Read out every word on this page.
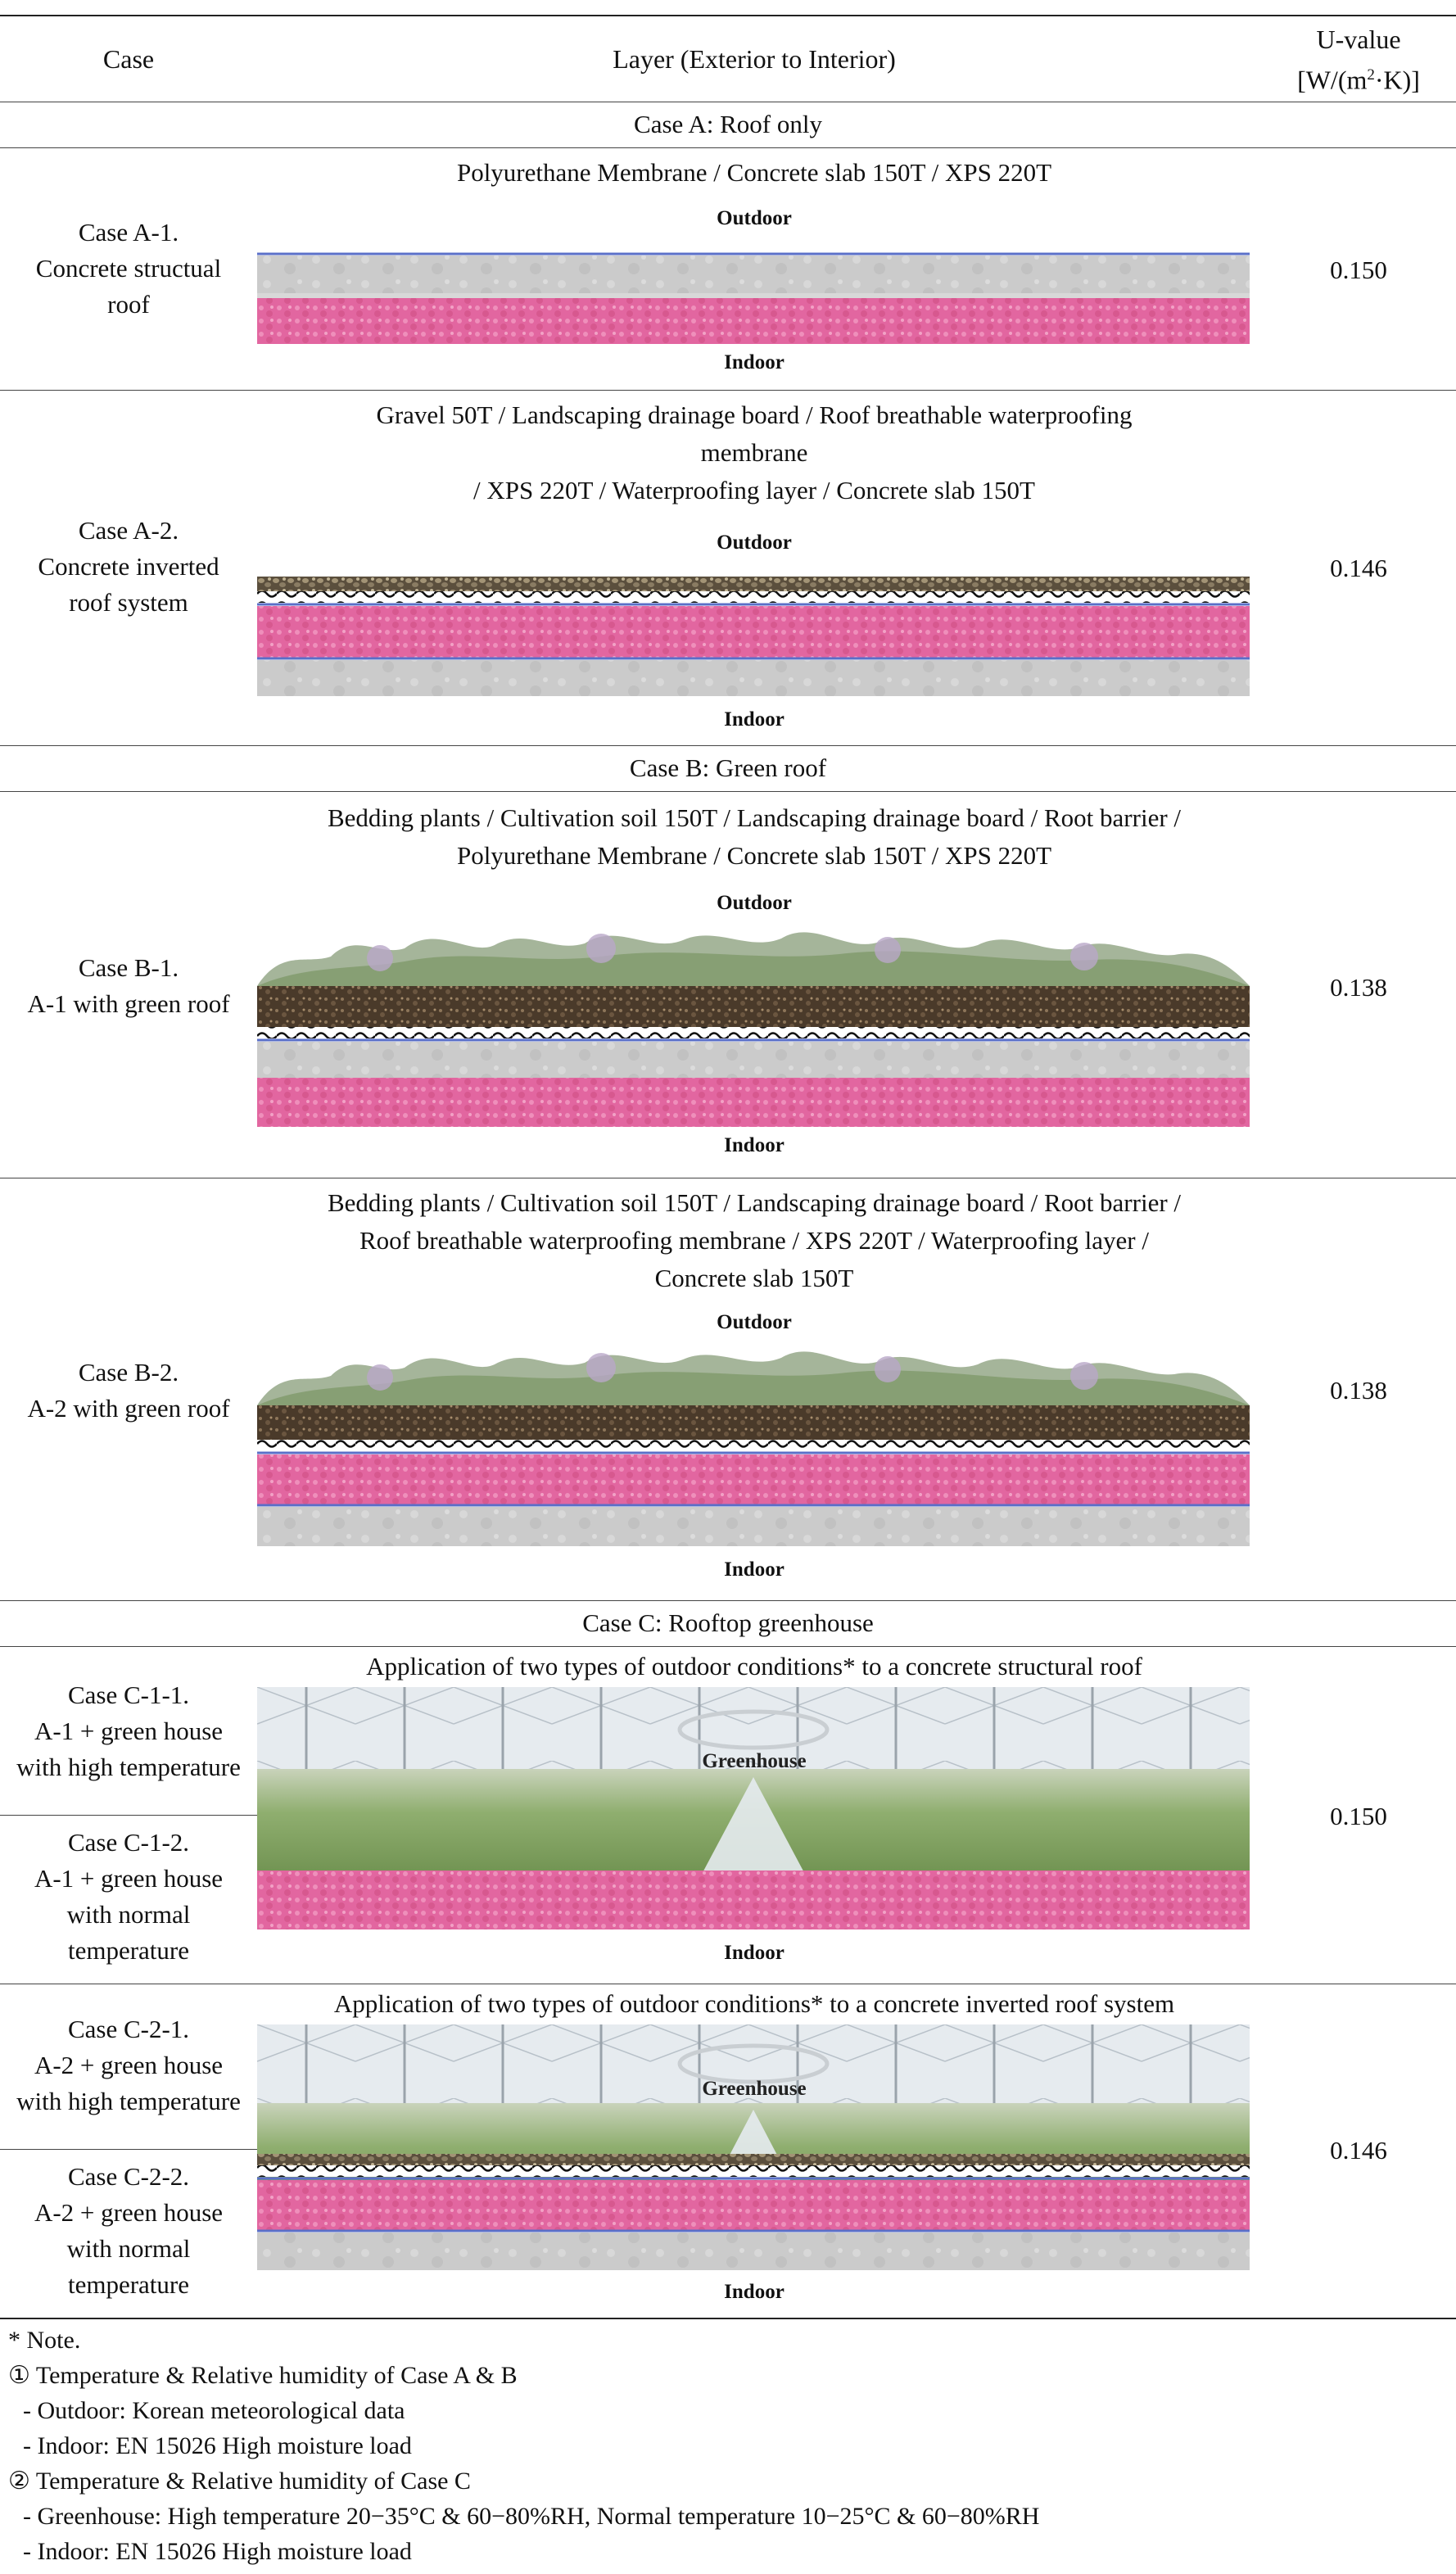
Case	Layer (Exterior to Interior)
U-value
$[W/(m^2\cdot K)]$
Case A: Roof only
Polyurethane Membrane / Concrete slab 150T / XPS 220T
Outdoor
Indoor
Case A-1.
Concrete structual
roof
0.150
Gravel 50T / Landscaping drainage board / Roof breathable waterproofing
membrane
/ XPS 220T / Waterproofing layer / Concrete slab 150T
Outdoor
Indoor
Case A-2.
Concrete inverted
roof system
0.146
Case B: Green roof
Bedding plants / Cultivation soil 150T / Landscaping drainage board / Root barrier /
Polyurethane Membrane / Concrete slab 150T / XPS 220T
Outdoor
Indoor
Case B-1.
A-1 with green roof
0.138
Bedding plants / Cultivation soil 150T / Landscaping drainage board / Root barrier /
Roof breathable waterproofing membrane / XPS 220T / Waterproofing layer /
Concrete slab 150T
Outdoor
Indoor
Case B-2.
A-2 with green roof
0.138
Case C: Rooftop greenhouse
Application of two types of outdoor conditions* to a concrete structural roof
Greenhouse
Indoor
Case C-1-1.
A-1 + green house
with high temperature
Case C-1-2.
A-1 + green house
with normal
temperature
0.150
Application of two types of outdoor conditions* to a concrete inverted roof system
Greenhouse
Indoor
Case C-2-1.
A-2 + green house
with high temperature
Case C-2-2.
A-2 + green house
with normal
temperature
0.146
* Note.
① Temperature & Relative humidity of Case A & B
- Outdoor: Korean meteorological data
- Indoor: EN 15026 High moisture load
② Temperature & Relative humidity of Case C
- Greenhouse: High temperature 20−35°C & 60−80%RH, Normal temperature 10−25°C & 60−80%RH
- Indoor: EN 15026 High moisture load
